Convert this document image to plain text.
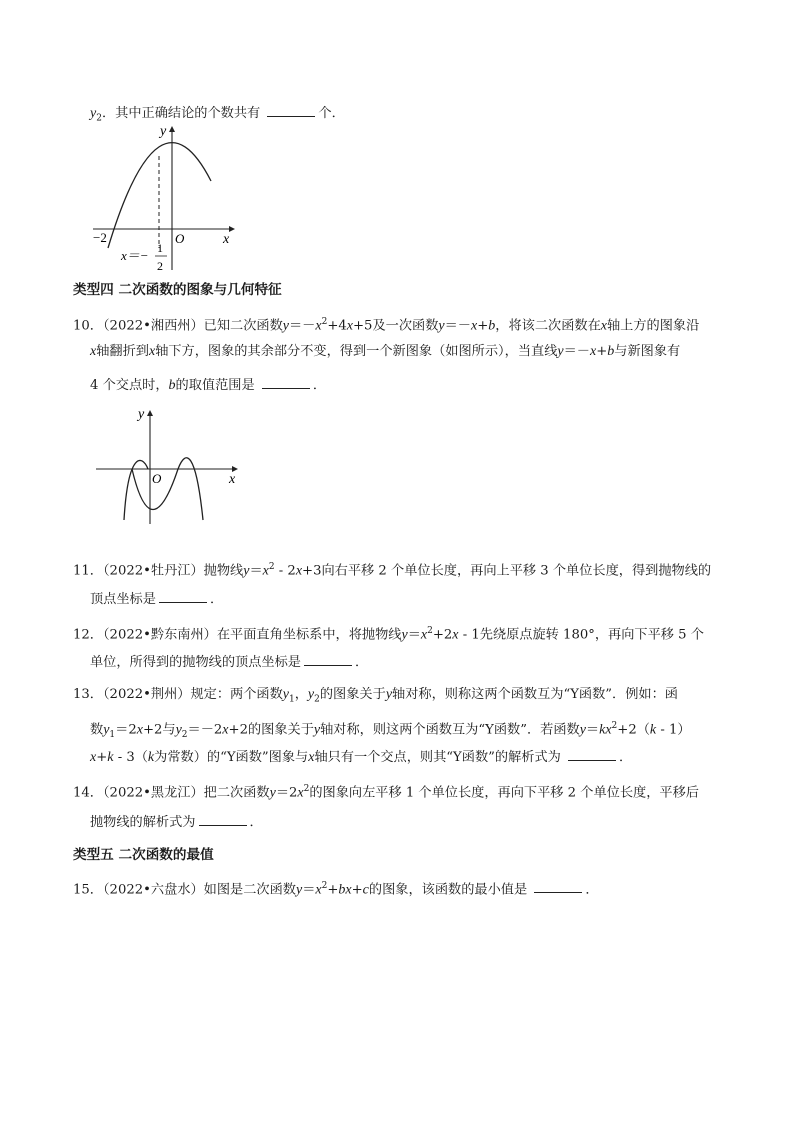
$y_2$．其中正确结论的个数共有	个．
y
x
O
−2
x＝− 1
2
类型四 二次函数的图象与几何特征
10．（2022•湘西州）已知二次函数$y=-x^2+4x+5$及一次函数y＝－x+b，将该二次函数在x轴上方的图象沿
x轴翻折到x轴下方，图象的其余部分不变，得到一个新图象（如图所示），当直线y＝－x+b与新图象有
4 个交点时，b的取值范围是	．
y
x
O
11．（2022•牡丹江）抛物线$y=x^2 - 2x+3$向右平移 2 个单位长度，再向上平移 3 个单位长度，得到抛物线的
顶点坐标是	．
12．（2022•黔东南州）在平面直角坐标系中，将抛物线$y=x^2+2x - 1$先绕原点旋转 180°，再向下平移 5 个
单位，所得到的抛物线的顶点坐标是	．
13．（2022•荆州）规定：两个函数$y_1$，$y_2$的图象关于y轴对称，则称这两个函数互为“Y函数”．例如：函
数$y_1=2x+2$与$y_2=-2x+2$的图象关于y轴对称，则这两个函数互为“Y函数”．若函数$y=kx^2+2(k - 1)$
x+k - 3（k为常数）的“Y函数”图象与x轴只有一个交点，则其“Y函数”的解析式为	．
14．（2022•黑龙江）把二次函数$y=2x^2$的图象向左平移 1 个单位长度，再向下平移 2 个单位长度，平移后
抛物线的解析式为	．
类型五 二次函数的最值
15．（2022•六盘水）如图是二次函数$y=x^2+bx+c$的图象，该函数的最小值是	．
